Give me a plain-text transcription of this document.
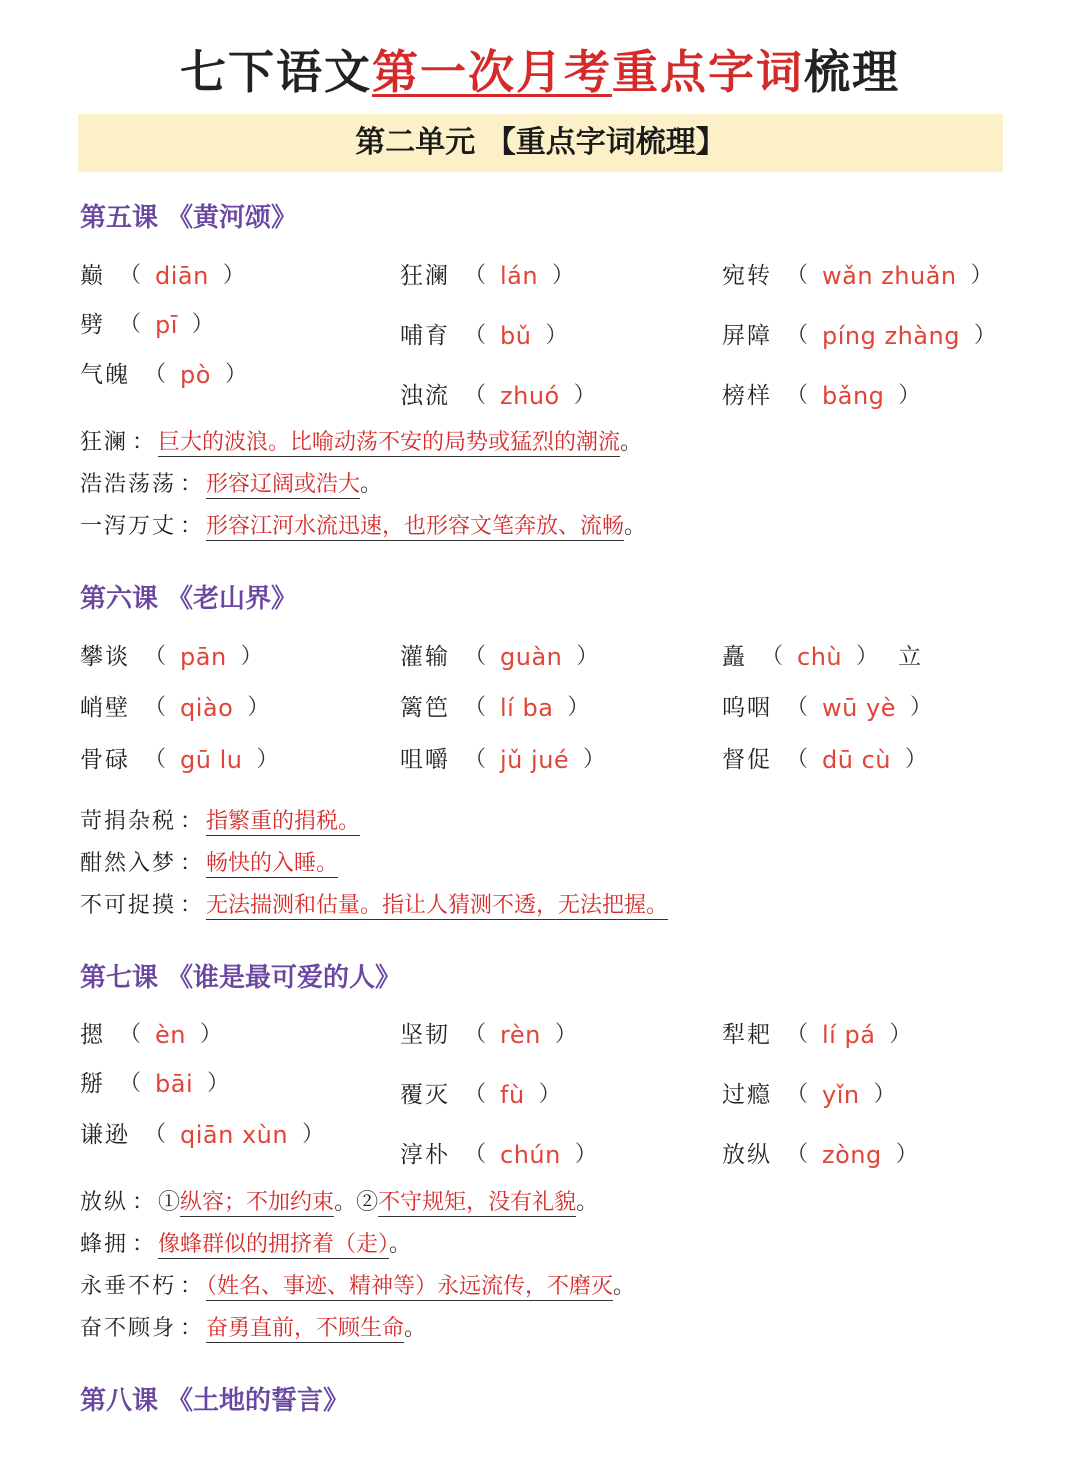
七下语文第一次月考重点字词梳理
第二单元 【重点字词梳理】
第五课 《黄河颂》
巅 （ diān ）
劈 （ pī ）
气魄 （ pò ）
狂澜 （ lán ）
哺育 （ bǔ ）
浊流 （ zhuó ）
宛转 （ wǎn zhuǎn ）
屏障 （ píng zhàng ）
榜样 （ bǎng ）
狂澜 ： 巨大的波浪。比喻动荡不安的局势或猛烈的潮流。
浩浩荡荡 ： 形容辽阔或浩大。
一泻万丈 ： 形容江河水流迅速，也形容文笔奔放、流畅。
第六课 《老山界》
攀谈 （ pān ）
峭壁 （ qiào ）
骨碌 （ gū lu ）
灌输 （ guàn ）
篱笆 （ lí ba ）
咀嚼 （ jǔ jué ）
矗 （ chù ） 立
呜咽 （ wū yè ）
督促 （ dū cù ）
苛捐杂税 ： 指繁重的捐税。
酣然入梦 ： 畅快的入睡。
不可捉摸 ： 无法揣测和估量。指让人猜测不透，无法把握。
第七课 《谁是最可爱的人》
摁 （ èn ）
掰 （ bāi ）
谦逊 （ qiān xùn ）
坚韧 （ rèn ）
覆灭 （ fù ）
淳朴 （ chún ）
犁耙 （ lí pá ）
过瘾 （ yǐn ）
放纵 （ zòng ）
放纵 ： ①纵容；不加约束。②不守规矩，没有礼貌。
蜂拥 ： 像蜂群似的拥挤着（走）。
永垂不朽 ： （姓名、事迹、精神等）永远流传，不磨灭。
奋不顾身 ： 奋勇直前，不顾生命。
第八课 《土地的誓言》
